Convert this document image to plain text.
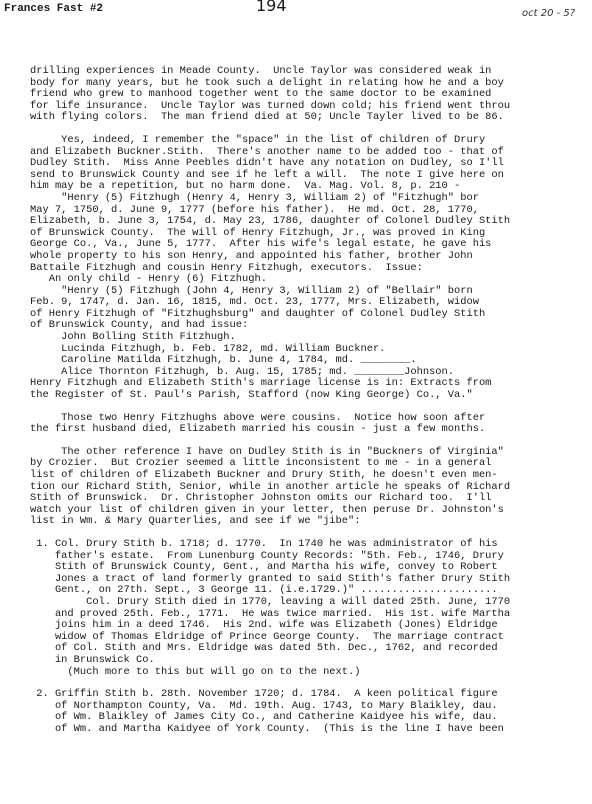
Frances Fast #2	194	oct 20 - 5?
drilling experiences in Meade County.  Uncle Taylor was considered weak in
body for many years, but he took such a delight in relating how he and a boy
friend who grew to manhood together went to the same doctor to be examined
for life insurance.  Uncle Taylor was turned down cold; his friend went throu
with flying colors.  The man friend died at 50; Uncle Tayler lived to be 86.
Yes, indeed, I remember the "space" in the list of children of Drury
and Elizabeth Buckner.Stith.  There's another name to be added too - that of
Dudley Stith.  Miss Anne Peebles didn't have any notation on Dudley, so I'll
send to Brunswick County and see if he left a will.  The note I give here on
him may be a repetition, but no harm done.  Va. Mag. Vol. 8, p. 210 -
"Henry (5) Fitzhugh (Henry 4, Henry 3, William 2) of "Fitzhugh" bor
May 7, 1750, d. June 9, 1777 (before his father).  He md. Oct. 28, 1770,
Elizabeth, b. June 3, 1754, d. May 23, 1786, daughter of Colonel Dudley Stith
of Brunswick County.  The will of Henry Fitzhugh, Jr., was proved in King
George Co., Va., June 5, 1777.  After his wife's legal estate, he gave his
whole property to his son Henry, and appointed his father, brother John
Battaile Fitzhugh and cousin Henry Fitzhugh, executors.  Issue:
An only child - Henry (6) Fitzhugh.
"Henry (5) Fitzhugh (John 4, Henry 3, William 2) of "Bellair" born
Feb. 9, 1747, d. Jan. 16, 1815, md. Oct. 23, 1777, Mrs. Elizabeth, widow
of Henry Fitzhugh of "Fitzhughsburg" and daughter of Colonel Dudley Stith
of Brunswick County, and had issue:
John Bolling Stith Fitzhugh.
Lucinda Fitzhugh, b. Feb. 1782, md. William Buckner.
Caroline Matilda Fitzhugh, b. June 4, 1784, md. ________.
Alice Thornton Fitzhugh, b. Aug. 15, 1785; md. ________Johnson.
Henry Fitzhugh and Elizabeth Stith's marriage license is in: Extracts from
the Register of St. Paul's Parish, Stafford (now King George) Co., Va."
Those two Henry Fitzhughs above were cousins.  Notice how soon after
the first husband died, Elizabeth married his cousin - just a few months.
The other reference I have on Dudley Stith is in "Buckners of Virginia"
by Crozier.  But Crozier seemed a little inconsistent to me - in a general
list of children of Elizabeth Buckner and Drury Stith, he doesn't even men-
tion our Richard Stith, Senior, while in another article he speaks of Richard
Stith of Brunswick.  Dr. Christopher Johnston omits our Richard too.  I'll
watch your list of children given in your letter, then peruse Dr. Johnston's
list in Wm. & Mary Quarterlies, and see if we "jibe":
1. Col. Drury Stith b. 1718; d. 1770.  In 1740 he was administrator of his
father's estate.  From Lunenburg County Records: "5th. Feb., 1746, Drury
Stith of Brunswick County, Gent., and Martha his wife, convey to Robert
Jones a tract of land formerly granted to said Stith's father Drury Stith
Gent., on 27th. Sept., 3 George 11. (i.e.1729.)" ......................
Col. Drury Stith died in 1770, leaving a will dated 25th. June, 1770
and proved 25th. Feb., 1771.  He was twice married.  His 1st. wife Martha
joins him in a deed 1746.  His 2nd. wife was Elizabeth (Jones) Eldridge
widow of Thomas Eldridge of Prince George County.  The marriage contract
of Col. Stith and Mrs. Eldridge was dated 5th. Dec., 1762, and recorded
in Brunswick Co.
(Much more to this but will go on to the next.)
2. Griffin Stith b. 28th. November 1720; d. 1784.  A keen political figure
of Northampton County, Va.  Md. 19th. Aug. 1743, to Mary Blaikley, dau.
of Wm. Blaikley of James City Co., and Catherine Kaidyee his wife, dau.
of Wm. and Martha Kaidyee of York County.  (This is the line I have been
